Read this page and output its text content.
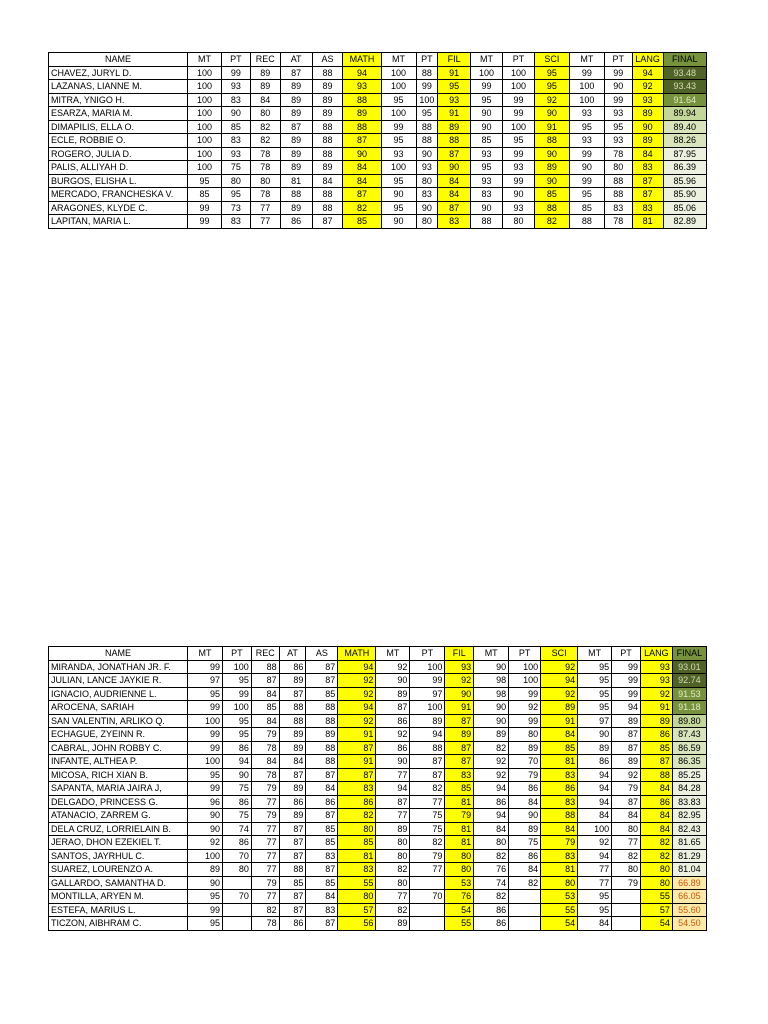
NAME	MT	PT	REC	AT	AS	MATH	MT	PT	FIL	MT	PT	SCI	MT	PT	LANG	FINAL
CHAVEZ, JURYL D.	100	99	89	87	88	94	100	88	91	100	100	95	99	99	94	93.48
LAZANAS, LIANNE M.	100	93	89	89	89	93	100	99	95	99	100	95	100	90	92	93.43
MITRA, YNIGO H.	100	83	84	89	89	88	95	100	93	95	99	92	100	99	93	91.64
ESARZA, MARIA M.	100	90	80	89	89	89	100	95	91	90	99	90	93	93	89	89.94
DIMAPILIS, ELLA O.	100	85	82	87	88	88	99	88	89	90	100	91	95	95	90	89.40
ECLE, ROBBIE O.	100	83	82	89	88	87	95	88	88	85	95	88	93	93	89	88.26
ROGERO, JULIA D.	100	93	78	89	88	90	93	90	87	93	99	90	99	78	84	87.95
PALIS, ALLIYAH D.	100	75	78	89	89	84	100	93	90	95	93	89	90	80	83	86.39
BURGOS, ELISHA L.	95	80	80	81	84	84	95	80	84	93	99	90	99	88	87	85.96
MERCADO, FRANCHESKA V.	85	95	78	88	88	87	90	83	84	83	90	85	95	88	87	85.90
ARAGONES, KLYDE C.	99	73	77	89	88	82	95	90	87	90	93	88	85	83	83	85.06
LAPITAN, MARIA L.	99	83	77	86	87	85	90	80	83	88	80	82	88	78	81	82.89
NAME	MT	PT	REC	AT	AS	MATH	MT	PT	FIL	MT	PT	SCI	MT	PT	LANG	FINAL
MIRANDA, JONATHAN JR. F.	99	100	88	86	87	94	92	100	93	90	100	92	95	99	93	93.01
JULIAN, LANCE JAYKIE R.	97	95	87	89	87	92	90	99	92	98	100	94	95	99	93	92.74
IGNACIO, AUDRIENNE L.	95	99	84	87	85	92	89	97	90	98	99	92	95	99	92	91.53
AROCENA, SARIAH	99	100	85	88	88	94	87	100	91	90	92	89	95	94	91	91.18
SAN VALENTIN, ARLIKO Q.	100	95	84	88	88	92	86	89	87	90	99	91	97	89	89	89.80
ECHAGUE, ZYEINN R.	99	95	79	89	89	91	92	94	89	89	80	84	90	87	86	87.43
CABRAL, JOHN ROBBY C.	99	86	78	89	88	87	86	88	87	82	89	85	89	87	85	86.59
INFANTE, ALTHEA P.	100	94	84	84	88	91	90	87	87	92	70	81	86	89	87	86.35
MICOSA, RICH XIAN B.	95	90	78	87	87	87	77	87	83	92	79	83	94	92	88	85.25
SAPANTA, MARIA JAIRA J,	99	75	79	89	84	83	94	82	85	94	86	86	94	79	84	84.28
DELGADO, PRINCESS G.	96	86	77	86	86	86	87	77	81	86	84	83	94	87	86	83.83
ATANACIO, ZARREM G.	90	75	79	89	87	82	77	75	79	94	90	88	84	84	84	82.95
DELA CRUZ, LORRIELAIN B.	90	74	77	87	85	80	89	75	81	84	89	84	100	80	84	82.43
JERAO, DHON EZEKIEL T.	92	86	77	87	85	85	80	82	81	80	75	79	92	77	82	81.65
SANTOS, JAYRHUL C.	100	70	77	87	83	81	80	79	80	82	86	83	94	82	82	81.29
SUAREZ, LOURENZO A.	89	80	77	88	87	83	82	77	80	76	84	81	77	80	80	81.04
GALLARDO, SAMANTHA D.	90		79	85	85	55	80		53	74	82	80	77	79	80	66.89
MONTILLA, ARYEN M.	95	70	77	87	84	80	77	70	76	82		53	95		55	66.05
ESTEFA, MARIUS L.	99		82	87	83	57	82		54	86		55	95		57	55.60
TICZON, AIBHRAM C.	95		78	86	87	56	89		55	86		54	84		54	54.50
